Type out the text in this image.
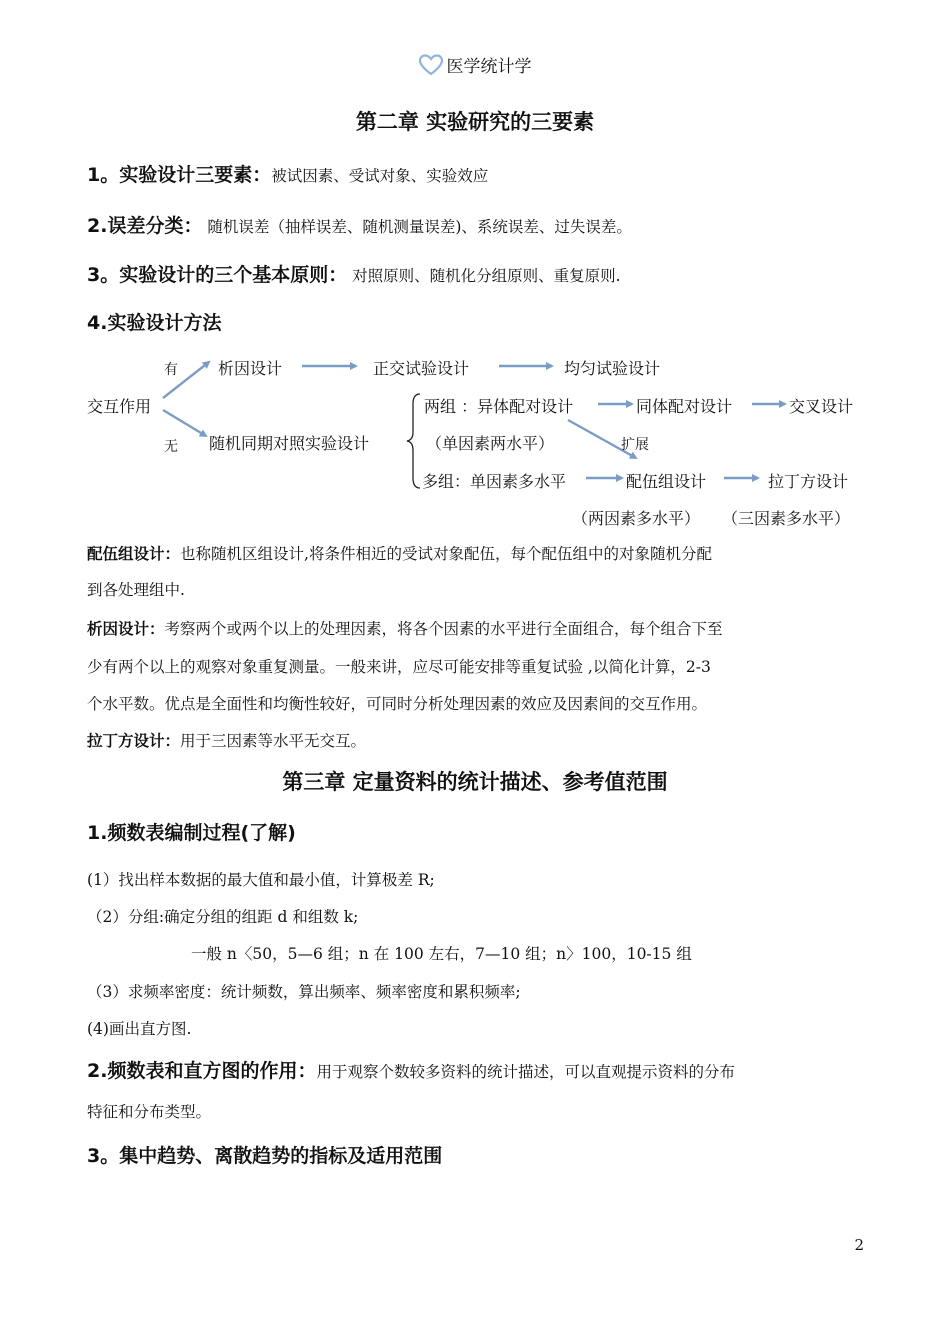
医学统计学
第二章 实验研究的三要素
1。实验设计三要素：被试因素、受试对象、实验效应
2.误差分类： 随机误差（抽样误差、随机测量误差)、系统误差、过失误差。
3。实验设计的三个基本原则： 对照原则、随机化分组原则、重复原则.
4.实验设计方法
交互作用
有
无
析因设计	正交试验设计	均匀试验设计
随机同期对照实验设计
两组 ：异体配对设计	同体配对设计	交叉设计
（单因素两水平）	扩展
多组：单因素多水平	配伍组设计	拉丁方设计
（两因素多水平） （三因素多水平）
配伍组设计：也称随机区组设计,将条件相近的受试对象配伍，每个配伍组中的对象随机分配
到各处理组中.
析因设计：考察两个或两个以上的处理因素，将各个因素的水平进行全面组合，每个组合下至
少有两个以上的观察对象重复测量。一般来讲，应尽可能安排等重复试验 ,以简化计算，2-3
个水平数。优点是全面性和均衡性较好，可同时分析处理因素的效应及因素间的交互作用。
拉丁方设计：用于三因素等水平无交互。
第三章 定量资料的统计描述、参考值范围
1.频数表编制过程(了解)
(1）找出样本数据的最大值和最小值，计算极差 R;
（2）分组:确定分组的组距 d 和组数 k;
一般 n〈50，5—6 组；n 在 100 左右，7—10 组；n〉100，10-15 组
（3）求频率密度：统计频数，算出频率、频率密度和累积频率;
(4)画出直方图.
2.频数表和直方图的作用：用于观察个数较多资料的统计描述，可以直观提示资料的分布
特征和分布类型。
3。集中趋势、离散趋势的指标及适用范围
2
